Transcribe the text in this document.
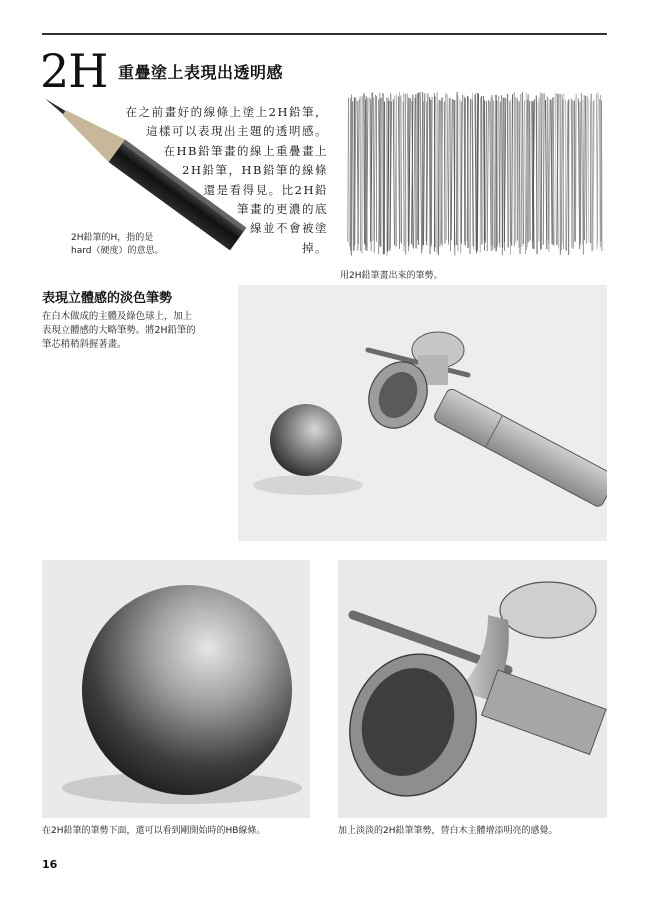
2H 重疊塗上表現出透明感
在之前畫好的線條上塗上2H鉛筆，
這樣可以表現出主題的透明感。
在HB鉛筆畫的線上重疊畫上
2H鉛筆，HB鉛筆的線條
還是看得見。比2H鉛
筆畫的更濃的底
線並不會被塗
掉。
2H鉛筆的H，指的是
hard（硬度）的意思。
用2H鉛筆畫出來的筆勢。
表現立體感的淡色筆勢
在白木做成的主體及綠色球上，加上
表現立體感的大略筆勢。將2H鉛筆的
筆芯稍稍斜握著畫。
在2H鉛筆的筆勢下面，還可以看到剛開始時的HB線條。	加上淡淡的2H鉛筆筆勢，替白木主體增添明亮的感覺。
16
